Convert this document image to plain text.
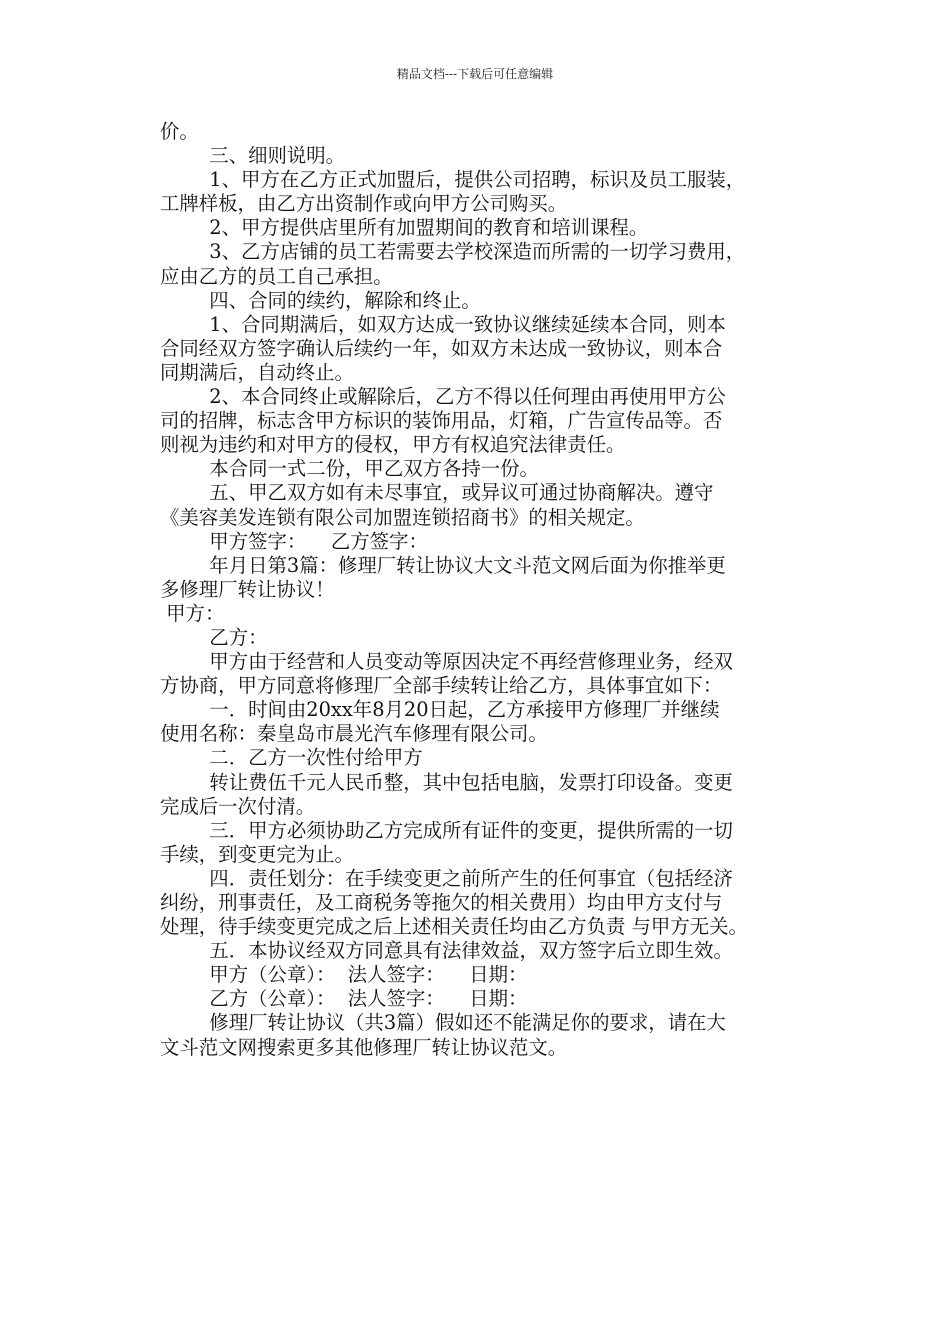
精品文档---下载后可任意编辑
价。
三、细则说明。
1、甲方在乙方正式加盟后，提供公司招聘，标识及员工服装，
工牌样板，由乙方出资制作或向甲方公司购买。
2、甲方提供店里所有加盟期间的教育和培训课程。
3、乙方店铺的员工若需要去学校深造而所需的一切学习费用，
应由乙方的员工自己承担。
四、合同的续约，解除和终止。
1、合同期满后，如双方达成一致协议继续延续本合同，则本
合同经双方签字确认后续约一年，如双方未达成一致协议，则本合
同期满后，自动终止。
2、本合同终止或解除后，乙方不得以任何理由再使用甲方公
司的招牌，标志含甲方标识的装饰用品，灯箱，广告宣传品等。否
则视为违约和对甲方的侵权，甲方有权追究法律责任。
本合同一式二份，甲乙双方各持一份。
五、甲乙双方如有未尽事宜，或异议可通过协商解决。遵守
《美容美发连锁有限公司加盟连锁招商书》的相关规定。
甲方签字：    乙方签字：
年月日第3篇：修理厂转让协议大文斗范文网后面为你推举更
多修理厂转让协议！
甲方：
乙方：
甲方由于经营和人员变动等原因决定不再经营修理业务，经双
方协商，甲方同意将修理厂全部手续转让给乙方，具体事宜如下：
一．时间由20xx年8月20日起，乙方承接甲方修理厂并继续
使用名称：秦皇岛市晨光汽车修理有限公司。
二．乙方一次性付给甲方
转让费伍千元人民币整，其中包括电脑，发票打印设备。变更
完成后一次付清。
三．甲方必须协助乙方完成所有证件的变更，提供所需的一切
手续，到变更完为止。
四．责任划分：在手续变更之前所产生的任何事宜（包括经济
纠纷，刑事责任，及工商税务等拖欠的相关费用）均由甲方支付与
处理，待手续变更完成之后上述相关责任均由乙方负责 与甲方无关。
五．本协议经双方同意具有法律效益，双方签字后立即生效。
甲方（公章）：  法人签字：    日期：
乙方（公章）：  法人签字：    日期：
修理厂转让协议（共3篇）假如还不能满足你的要求，请在大
文斗范文网搜索更多其他修理厂转让协议范文。
